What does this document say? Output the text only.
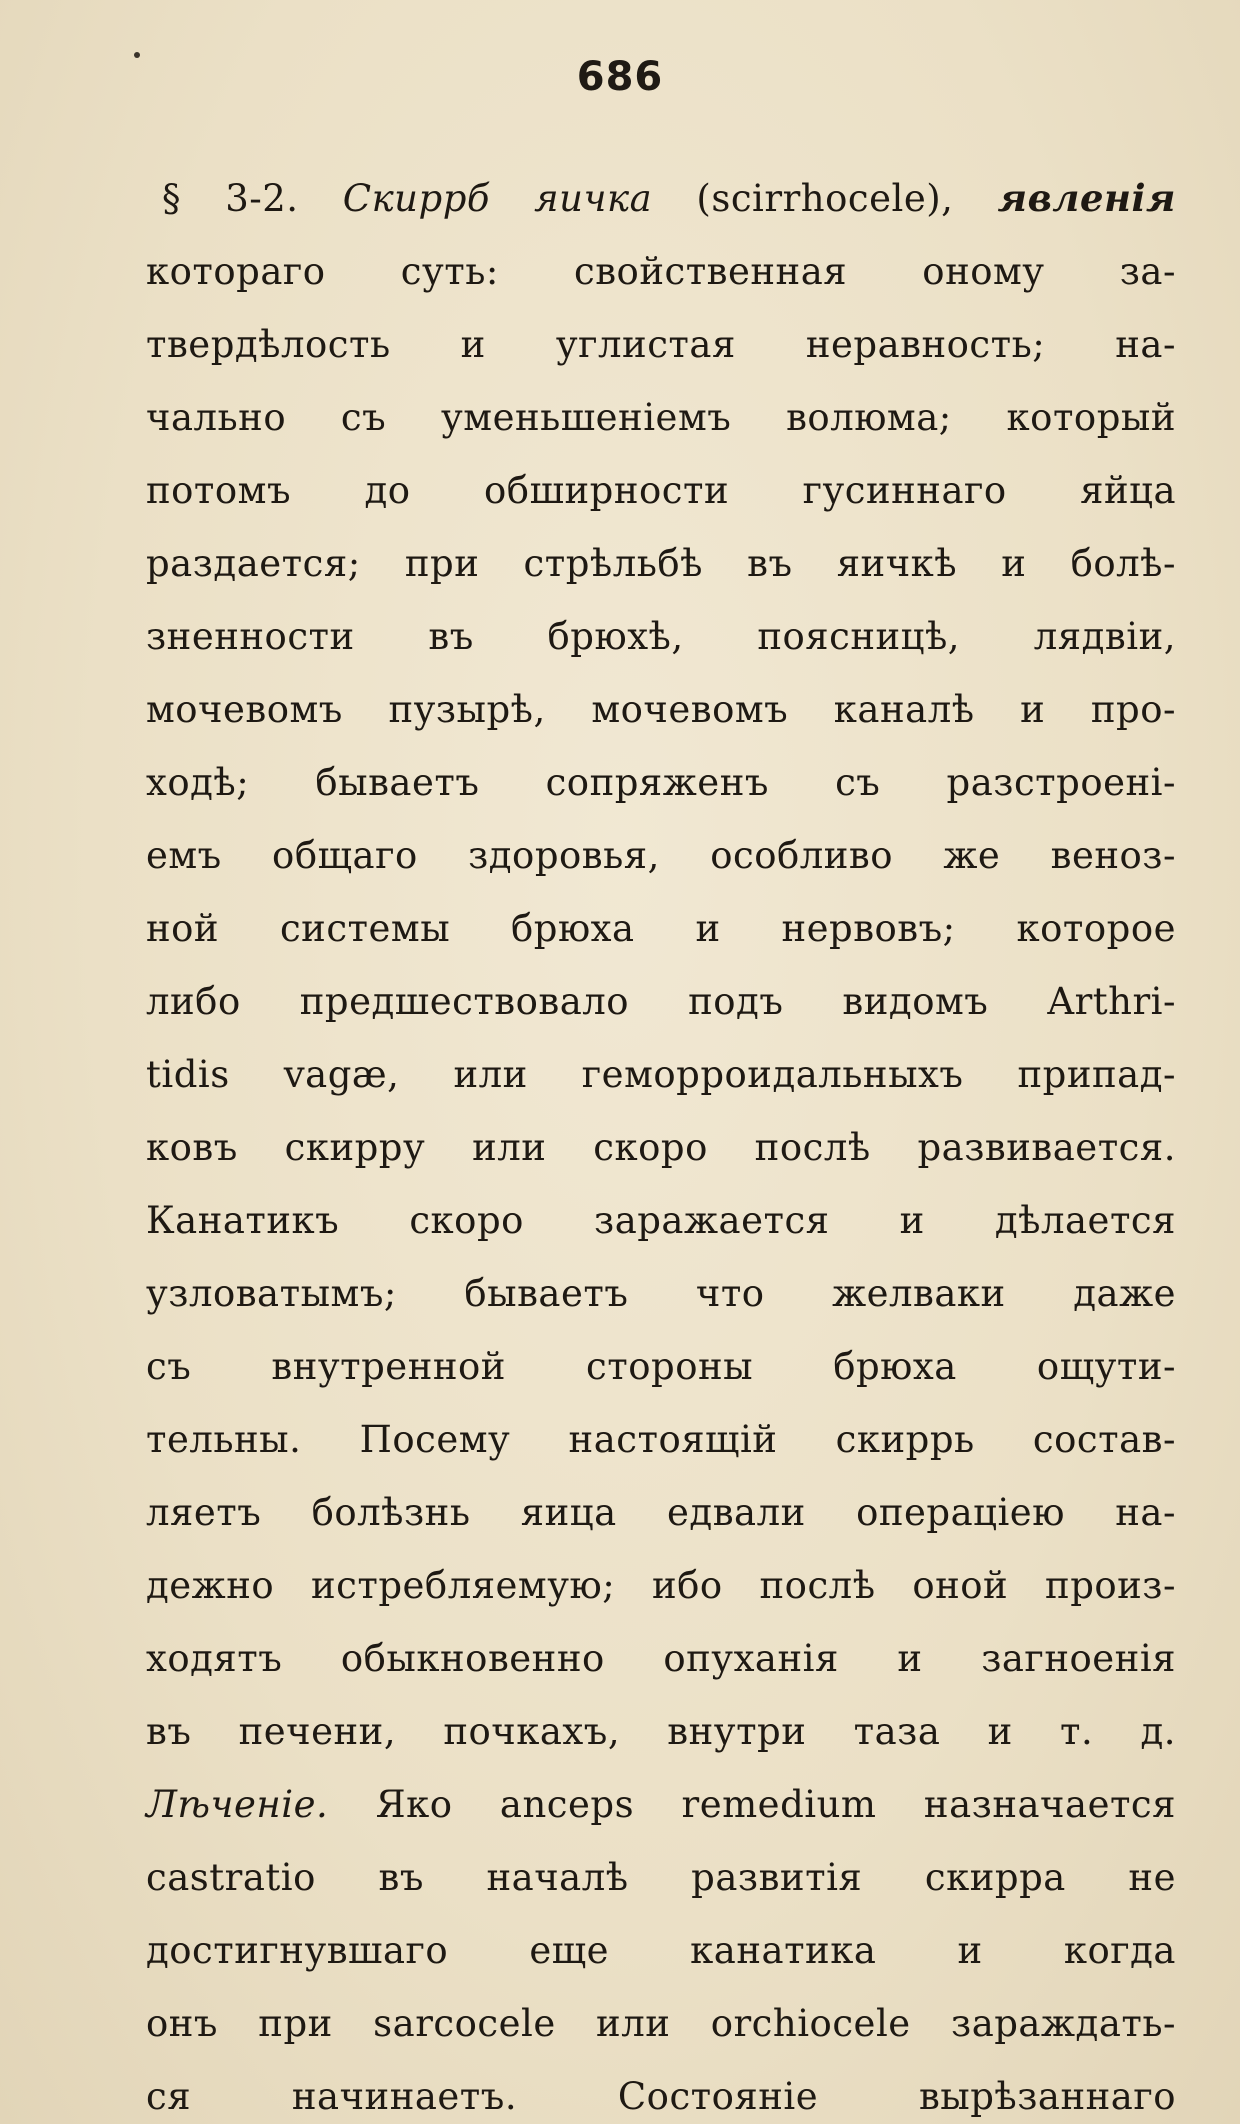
686
§ 3-2. Скиррб яичка (scirrhocele), явленія
котораго суть: свойственная оному за-
твердѣлость и углистая неравность; на-
чально съ уменьшеніемъ волюма; который
потомъ до обширности гусиннаго яйца
раздается; при стрѣльбѣ въ яичкѣ и болѣ-
зненности въ брюхѣ, поясницѣ, лядвіи,
мочевомъ пузырѣ, мочевомъ каналѣ и про-
ходѣ; бываетъ сопряженъ съ разстроені-
емъ общаго здоровья, особливо же веноз-
ной системы брюха и нервовъ; которое
либо предшествовало подъ видомъ Arthri-
tidis vagæ, или геморроидальныхъ припад-
ковъ скирру или скоро послѣ развивается.
Канатикъ скоро заражается и дѣлается
узловатымъ; бываетъ что желваки даже
съ внутренной стороны брюха ощути-
тельны. Посему настоящій скиррь состав-
ляетъ болѣзнь яица едвали операціею на-
дежно истребляемую; ибо послѣ оной произ-
ходятъ обыкновенно опуханія и загноенія
въ печени, почкахъ, внутри таза и т. д.
Лѣченіе. Яко anceps remedium назначается
castratio въ началѣ развитія скирра не
достигнувшаго еще канатика и когда
онъ при sarcocele или orchiocele зараждать-
ся начинаетъ. Состояніе вырѣзаннаго
